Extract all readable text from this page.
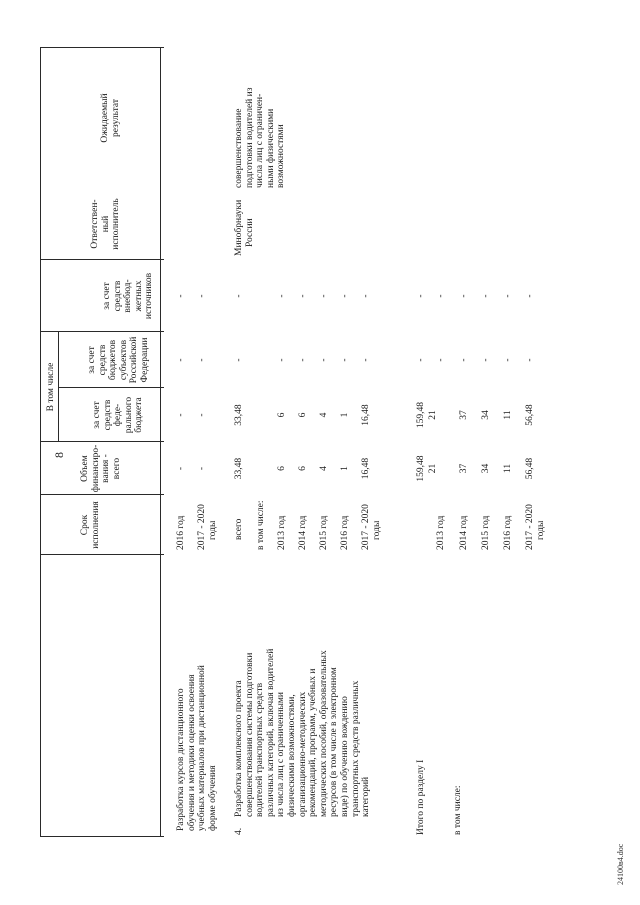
8
24100в4.doc
Срок исполнения
Объем финансиро- вания - всего
В том числе
за счет средств феде- рального бюджета
за счет средств бюджетов субъектов Российской Федерации
за счет средств внебюд- жетных источников
Ответствен- ный исполнитель
Ожидаемый результат
Разработка курсов дистанционного обучения и методики оценки освоения учебных материалов при дистанционной форме обучения
2016 год
-
-
-
-
2017 - 2020 годы
-
-
-
-
4.
Разработка комплексного проекта совершенствования системы подготовки водителей транспортных средств различных категорий, включая водителей из числа лиц с ограниченными физическими возможностями, организационно-методических рекомендаций, программ, учебных и методических пособий, образовательных ресурсов (в том числе в электронном виде) по обучению вождению транспортных средств различных категорий
всего
33,48
33,48
-
-
Минобрнауки России
совершенствование подготовки водителей из числа лиц с ограничен- ными физическими возможностями
в том числе: 2013 год
6
6
-
-
2014 год
6
6
-
-
2015 год
4
4
-
-
2016 год
1
1
-
-
2017 - 2020 годы
16,48
16,48
-
-
Итого по разделу I	в том числе:
159,48
159,48
-
-
2013 год
21
21
-
-
2014 год
37
37
-
-
2015 год
34
34
-
-
2016 год
11
11
-
-
2017 - 2020 годы
56,48
56,48
-
-
